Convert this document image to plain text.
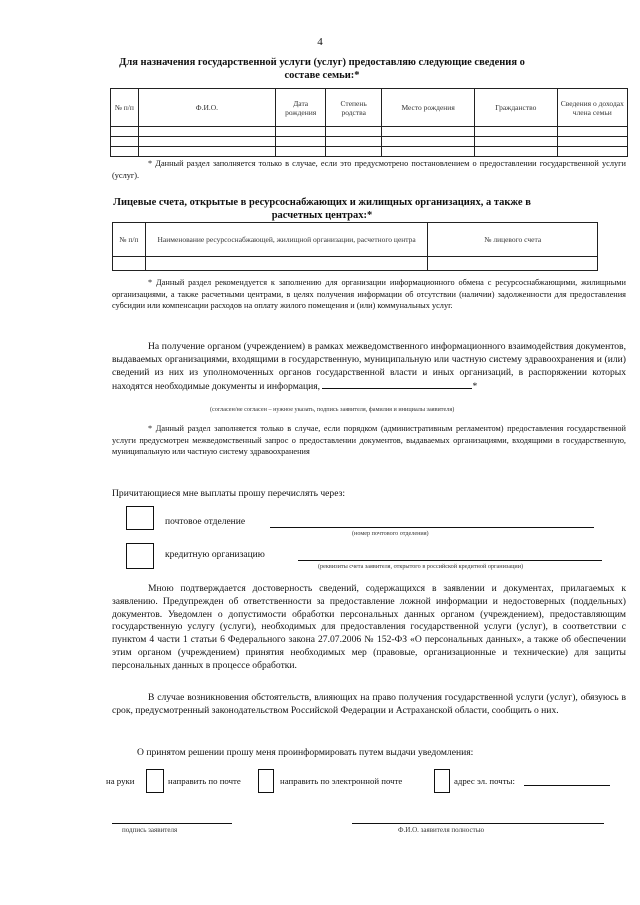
4
Для назначения государственной услуги (услуг) предоставляю следующие сведения о составе семьи:*
№ п/п	Ф.И.О.	Дата рождения	Степень родства	Место рождения	Гражданство	Сведения о доходах члена семьи

* Данный раздел заполняется только в случае, если это предусмотрено постановлением о предоставлении государственной услуги (услуг).
Лицевые счета, открытые в ресурсоснабжающих и жилищных организациях, а также в расчетных центрах:*
№ п/п	Наименование ресурсоснабжающей, жилищной организации, расчетного центра	№ лицевого счета

* Данный раздел рекомендуется к заполнению для организации информационного обмена с ресурсоснабжающими, жилищными организациями, а также расчетными центрами, в целях получения информации об отсутствии (наличии) задолженности для предоставления субсидии или компенсации расходов на оплату жилого помещения и (или) коммунальных услуг.
На получение органом (учреждением) в рамках межведомственного информационного взаимодействия документов, выдаваемых организациями, входящими в государственную, муниципальную или частную систему здравоохранения и (или) сведений из них из уполномоченных органов государственной власти и иных организаций, в распоряжении которых находятся необходимые документы и информация,	*
(согласен/не согласен – нужное указать, подпись заявителя, фамилия и инициалы заявителя)
* Данный раздел заполняется только в случае, если порядком (административным регламентом) предоставления государственной услуги предусмотрен межведомственный запрос о предоставлении документов, выдаваемых организациями, входящими в государственную, муниципальную или частную систему здравоохранения
Причитающиеся мне выплаты прошу перечислять через:
почтовое отделение
(номер почтового отделения)
кредитную организацию
(реквизиты счета заявителя, открытого в российской кредитной организации)
Мною подтверждается достоверность сведений, содержащихся в заявлении и документах, прилагаемых к заявлению. Предупрежден об ответственности за предоставление ложной информации и недостоверных (поддельных) документов. Уведомлен о допустимости обработки персональных данных органом (учреждением), предоставляющим государственную услугу (услуги), необходимых для предоставления государственной услуги (услуг), в соответствии с пунктом 4 части 1 статьи 6 Федерального закона 27.07.2006 № 152-ФЗ «О персональных данных», а также об обеспечении этим органом (учреждением) принятия необходимых мер (правовые, организационные и технические) для защиты персональных данных в процессе обработки.
В случае возникновения обстоятельств, влияющих на право получения государственной услуги (услуг), обязуюсь в срок, предусмотренный законодательством Российской Федерации и Астраханской области, сообщить о них.
О принятом решении прошу меня проинформировать путем выдачи уведомления:
на руки	направить по почте	направить по электронной почте	адрес эл. почты:
подпись заявителя	Ф.И.О. заявителя полностью
